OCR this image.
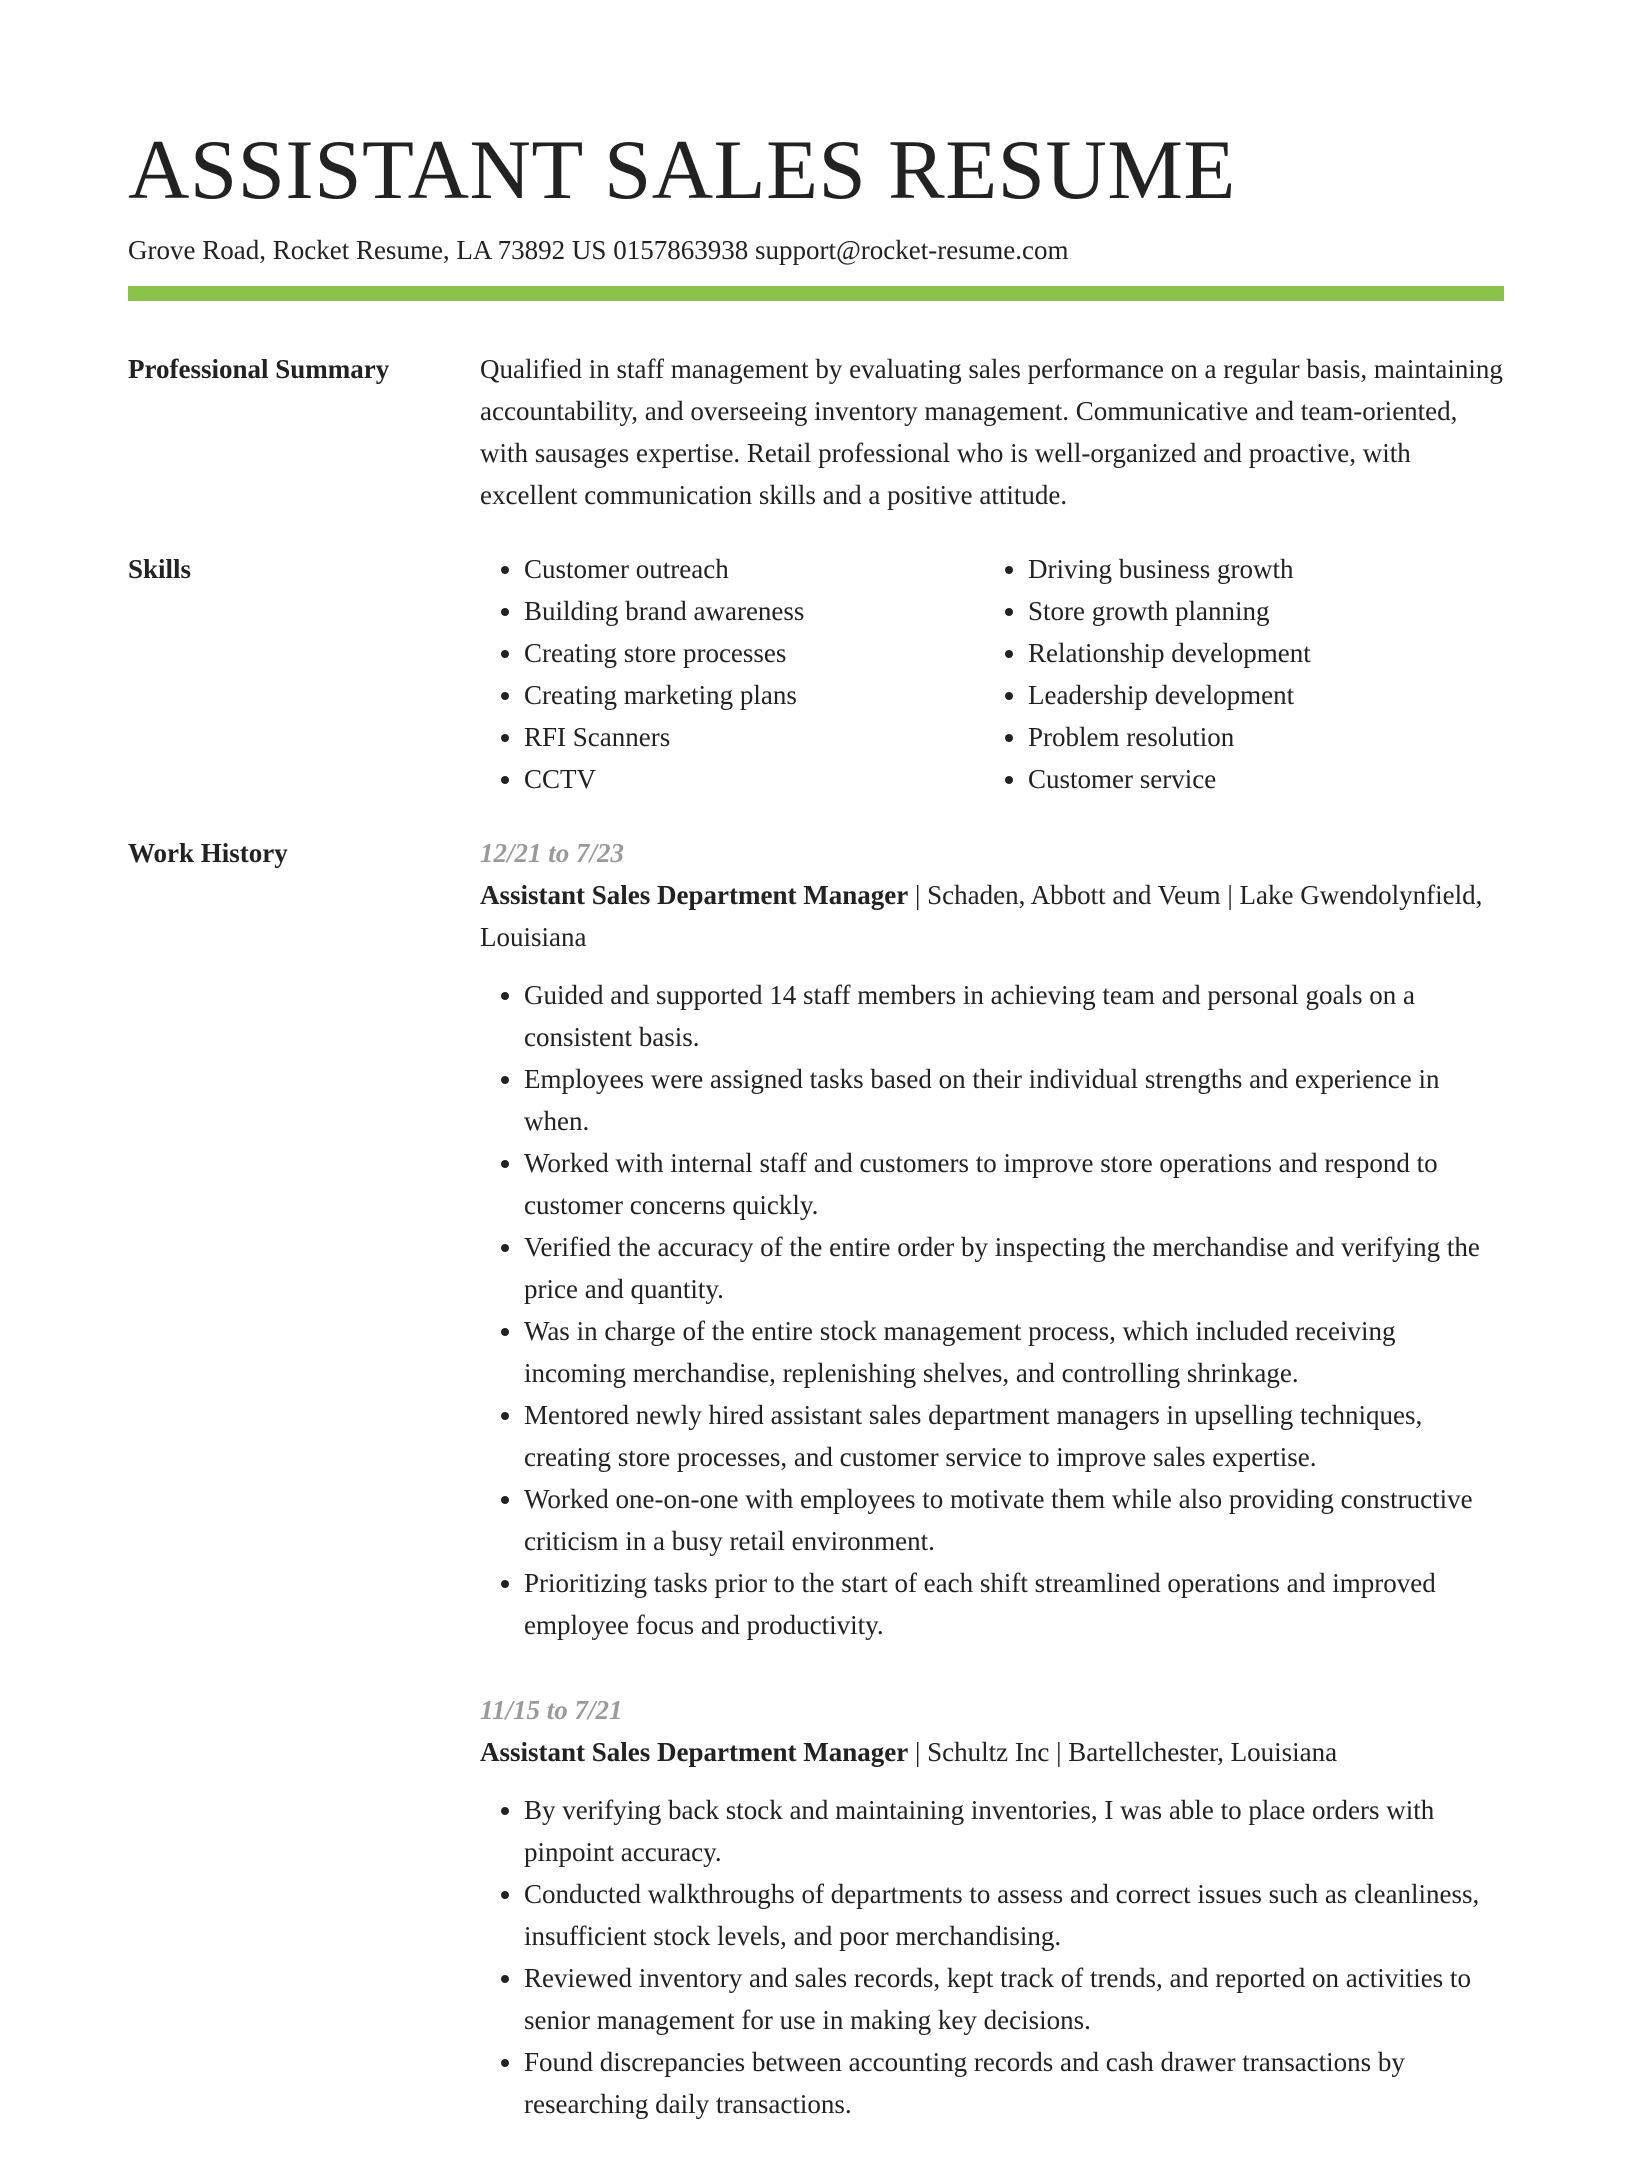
ASSISTANT SALES RESUME
Grove Road, Rocket Resume, LA 73892 US 0157863938 support@rocket-resume.com
Professional Summary	Qualified in staff management by evaluating sales performance on a regular basis, maintaining accountability, and overseeing inventory management. Communicative and team-oriented, with sausages expertise. Retail professional who is well-organized and proactive, with excellent communication skills and a positive attitude.

Skills
•	Customer outreach
• Building brand awareness
• Creating store processes
• Creating marketing plans
• RFI Scanners
• CCTV
• Driving business growth
• Store growth planning
• Relationship development
• Leadership development
• Problem resolution
• Customer service
Work History	12/21 to 7/23
Assistant Sales Department Manager | Schaden, Abbott and Veum | Lake Gwendolynfield, Louisiana
• Guided and supported 14 staff members in achieving team and personal goals on a consistent basis.
• Employees were assigned tasks based on their individual strengths and experience in when.
• Worked with internal staff and customers to improve store operations and respond to customer concerns quickly.
• Verified the accuracy of the entire order by inspecting the merchandise and verifying the price and quantity.
• Was in charge of the entire stock management process, which included receiving incoming merchandise, replenishing shelves, and controlling shrinkage.
• Mentored newly hired assistant sales department managers in upselling techniques, creating store processes, and customer service to improve sales expertise.
• Worked one-on-one with employees to motivate them while also providing constructive criticism in a busy retail environment.
• Prioritizing tasks prior to the start of each shift streamlined operations and improved employee focus and productivity.
11/15 to 7/21
Assistant Sales Department Manager | Schultz Inc | Bartellchester, Louisiana
• By verifying back stock and maintaining inventories, I was able to place orders with pinpoint accuracy.
• Conducted walkthroughs of departments to assess and correct issues such as cleanliness, insufficient stock levels, and poor merchandising.
• Reviewed inventory and sales records, kept track of trends, and reported on activities to senior management for use in making key decisions.
• Found discrepancies between accounting records and cash drawer transactions by researching daily transactions.
